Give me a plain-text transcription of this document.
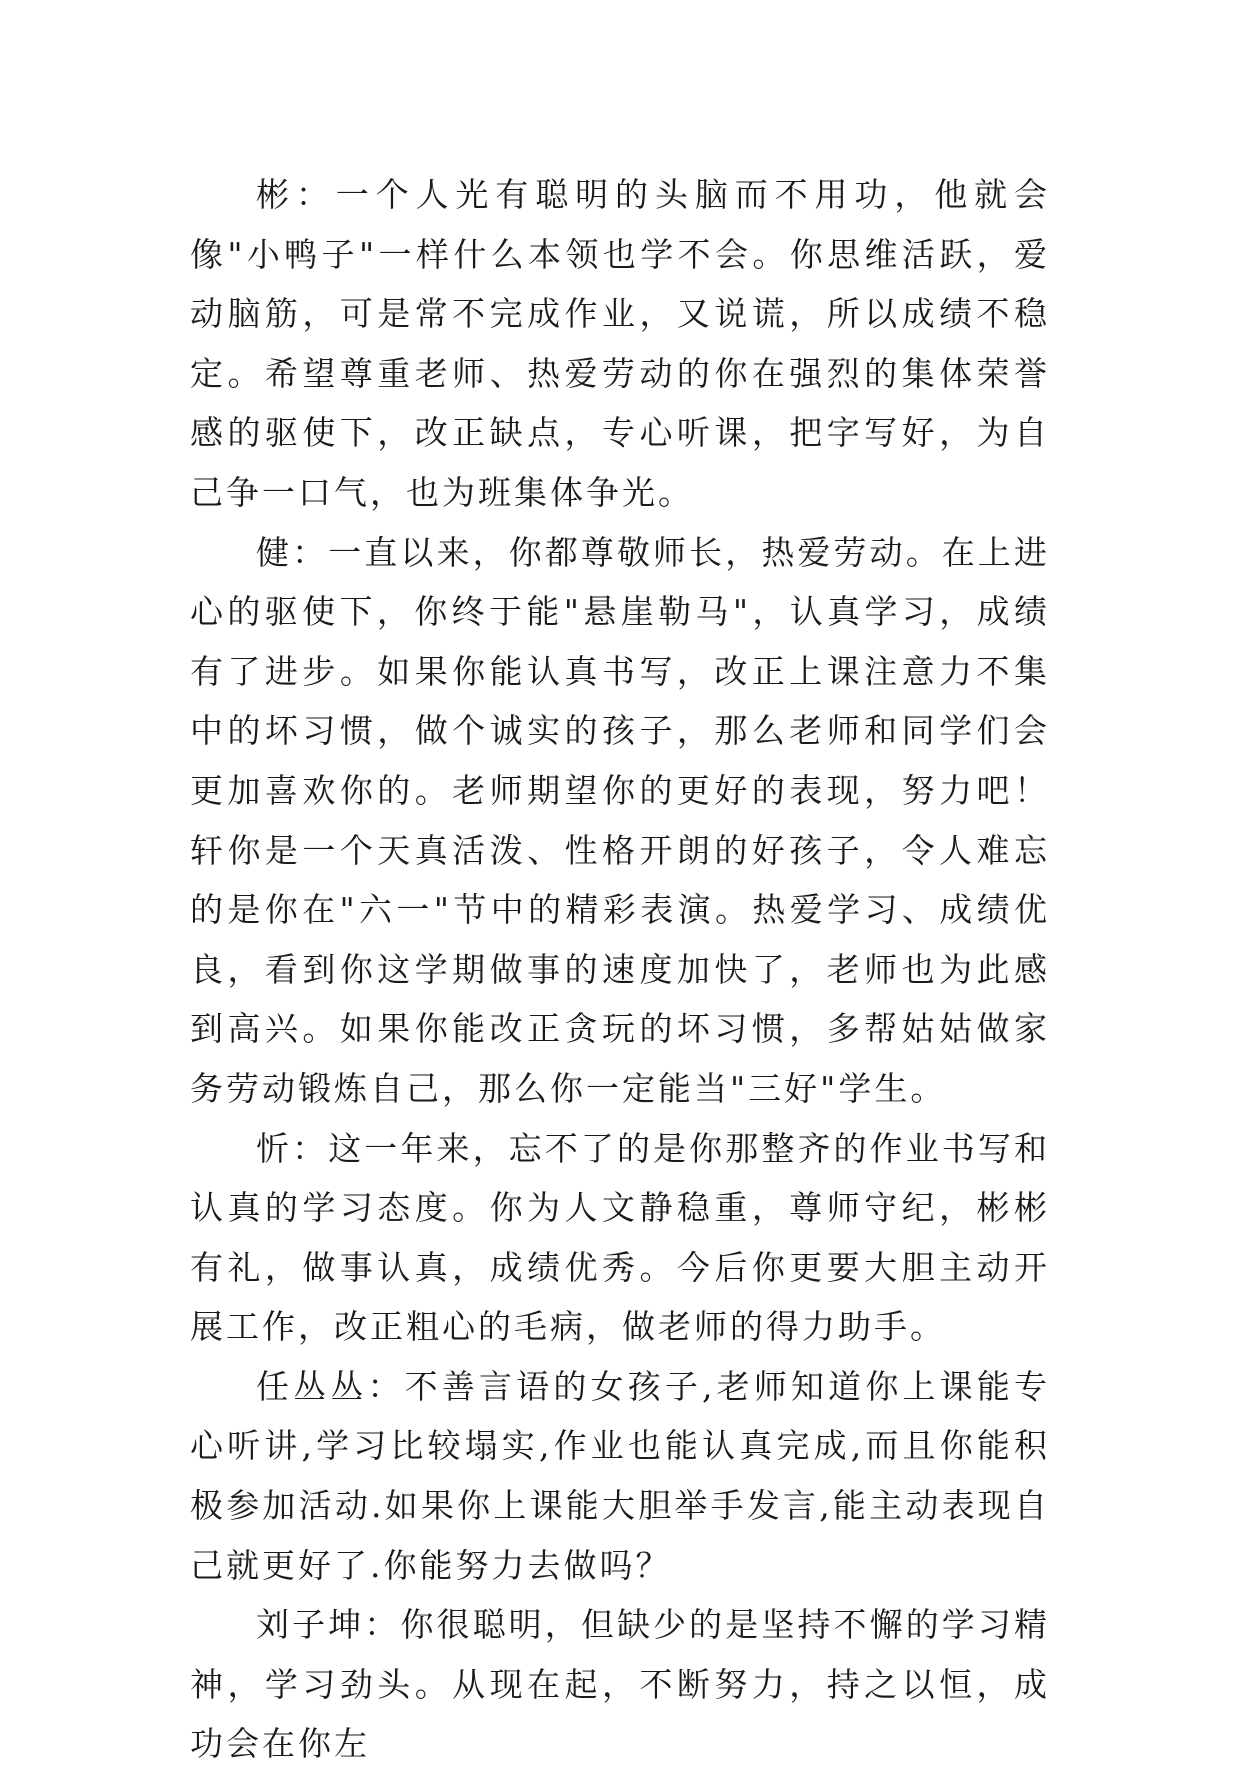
彬：一个人光有聪明的头脑而不用功，他就会像"小鸭子"一样什么本领也学不会。你思维活跃，爱动脑筋，可是常不完成作业，又说谎，所以成绩不稳定。希望尊重老师、热爱劳动的你在强烈的集体荣誉感的驱使下，改正缺点，专心听课，把字写好，为自己争一口气，也为班集体争光。

健：一直以来，你都尊敬师长，热爱劳动。在上进心的驱使下，你终于能"悬崖勒马"，认真学习，成绩有了进步。如果你能认真书写，改正上课注意力不集中的坏习惯，做个诚实的孩子，那么老师和同学们会更加喜欢你的。老师期望你的更好的表现，努力吧！轩你是一个天真活泼、性格开朗的好孩子，令人难忘的是你在"六一"节中的精彩表演。热爱学习、成绩优良，看到你这学期做事的速度加快了，老师也为此感到高兴。如果你能改正贪玩的坏习惯，多帮姑姑做家务劳动锻炼自己，那么你一定能当"三好"学生。

忻：这一年来，忘不了的是你那整齐的作业书写和认真的学习态度。你为人文静稳重，尊师守纪，彬彬有礼，做事认真，成绩优秀。今后你更要大胆主动开展工作，改正粗心的毛病，做老师的得力助手。

任丛丛：不善言语的女孩子,老师知道你上课能专心听讲,学习比较塌实,作业也能认真完成,而且你能积极参加活动.如果你上课能大胆举手发言,能主动表现自己就更好了.你能努力去做吗？

刘子坤：你很聪明，但缺少的是坚持不懈的学习精神，学习劲头。从现在起，不断努力，持之以恒，成功会在你左
